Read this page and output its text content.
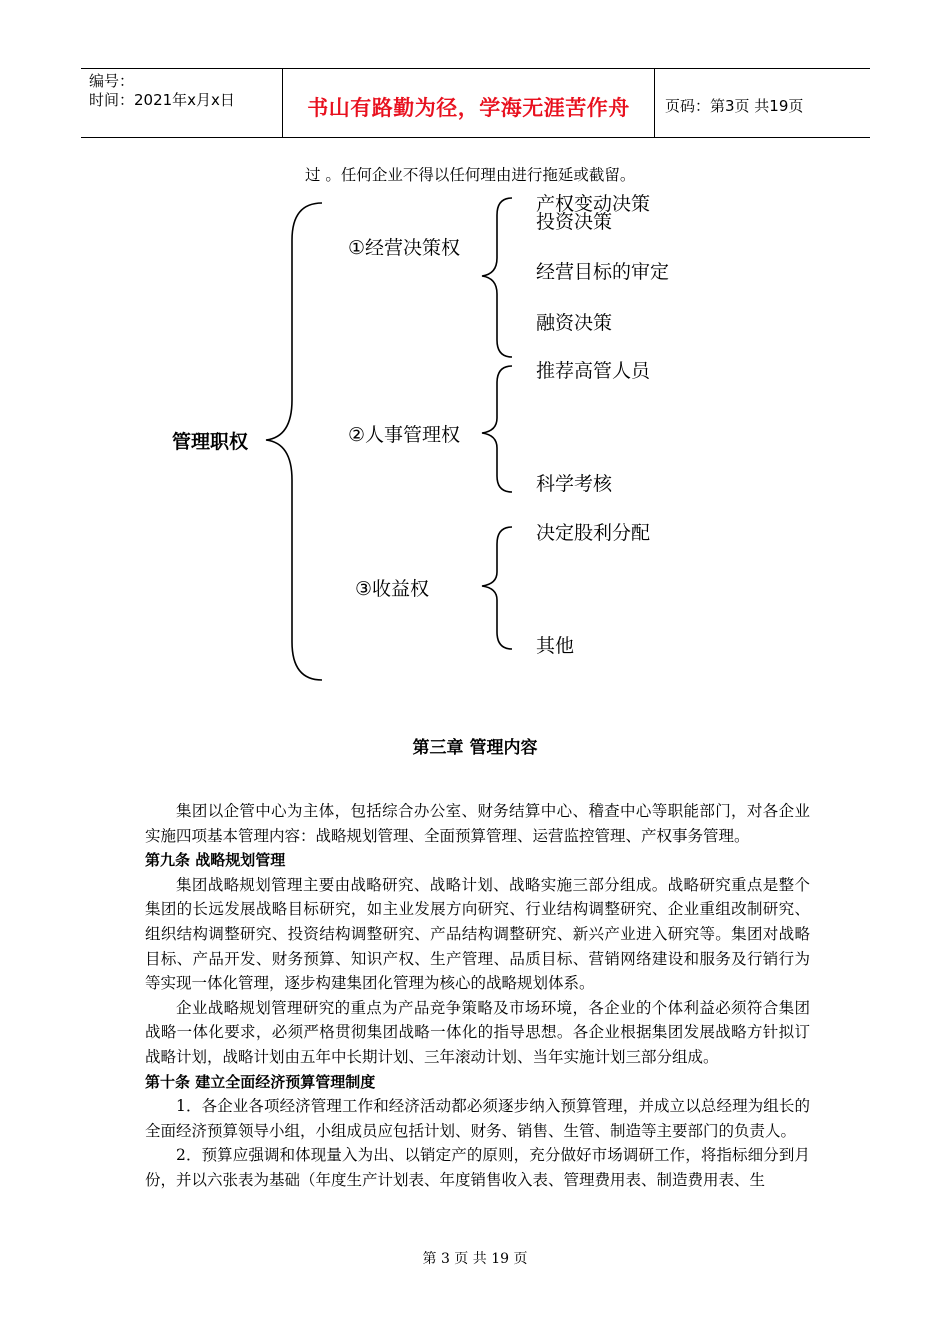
编号：
时间：2021年x月x日	书山有路勤为径，学海无涯苦作舟	页码：第3页 共19页
过 。任何企业不得以任何理由进行拖延或截留。
管理职权
①经营决策权
②人事管理权
③收益权
产权变动决策
投资决策
经营目标的审定
融资决策
推荐高管人员
科学考核
决定股利分配
其他
第三章 管理内容

集团以企管中心为主体，包括综合办公室、财务结算中心、稽查中心等职能部门，对各企业实施四项基本管理内容：战略规划管理、全面预算管理、运营监控管理、产权事务管理。

第九条 战略规划管理

集团战略规划管理主要由战略研究、战略计划、战略实施三部分组成。战略研究重点是整个集团的长远发展战略目标研究，如主业发展方向研究、行业结构调整研究、企业重组改制研究、组织结构调整研究、投资结构调整研究、产品结构调整研究、新兴产业进入研究等。集团对战略目标、产品开发、财务预算、知识产权、生产管理、品质目标、营销网络建设和服务及行销行为等实现一体化管理，逐步构建集团化管理为核心的战略规划体系。

企业战略规划管理研究的重点为产品竞争策略及市场环境，各企业的个体利益必须符合集团战略一体化要求，必须严格贯彻集团战略一体化的指导思想。各企业根据集团发展战略方针拟订战略计划，战略计划由五年中长期计划、三年滚动计划、当年实施计划三部分组成。

第十条 建立全面经济预算管理制度

1．各企业各项经济管理工作和经济活动都必须逐步纳入预算管理，并成立以总经理为组长的全面经济预算领导小组，小组成员应包括计划、财务、销售、生管、制造等主要部门的负责人。

2．预算应强调和体现量入为出、以销定产的原则，充分做好市场调研工作，将指标细分到月份，并以六张表为基础（年度生产计划表、年度销售收入表、管理费用表、制造费用表、生

第 3 页 共 19 页
